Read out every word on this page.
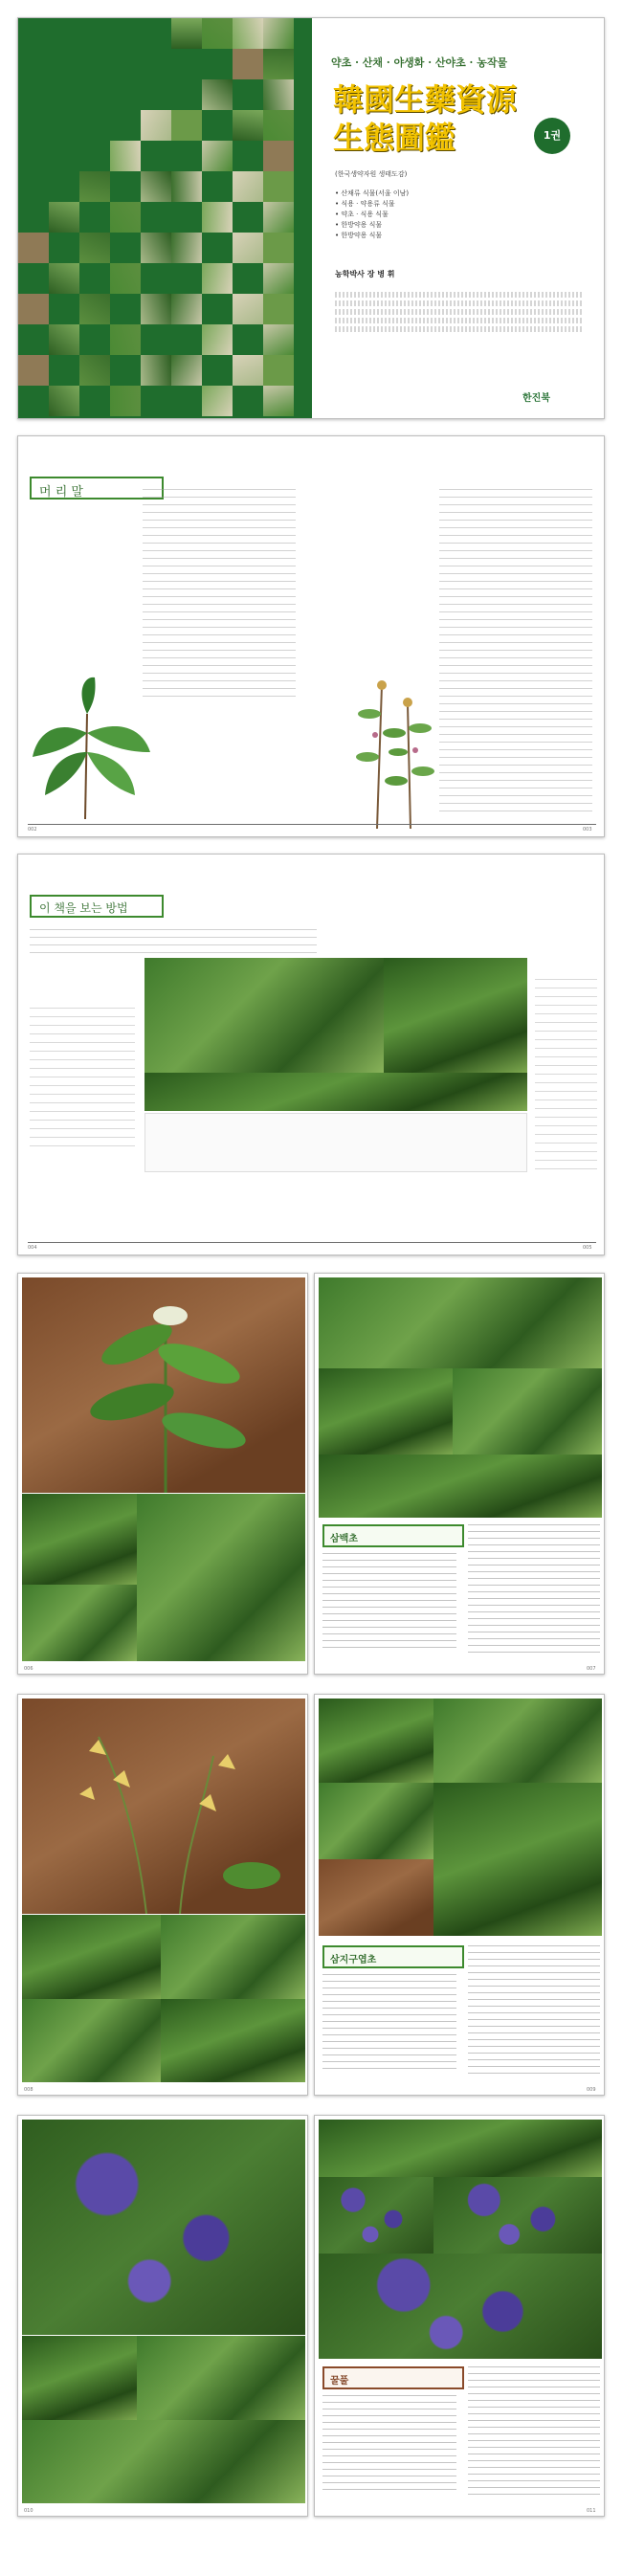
약초 · 산채 · 야생화 · 산야초 · 농작물
韓國生藥資源
生態圖鑑	1권
(한국생약자원 생태도감)
• 산채류 식물(서울 이남)
• 식용 · 약용류 식물
• 약초 · 식용 식물
• 한방약용 식물
• 한방약용 식물
농학박사 장 병 휘
한진북
머 리 말
002	003
이 책을 보는 방법
004	005
006
삼백초
007
008
삼지구엽초
009
010
꿀풀
011
